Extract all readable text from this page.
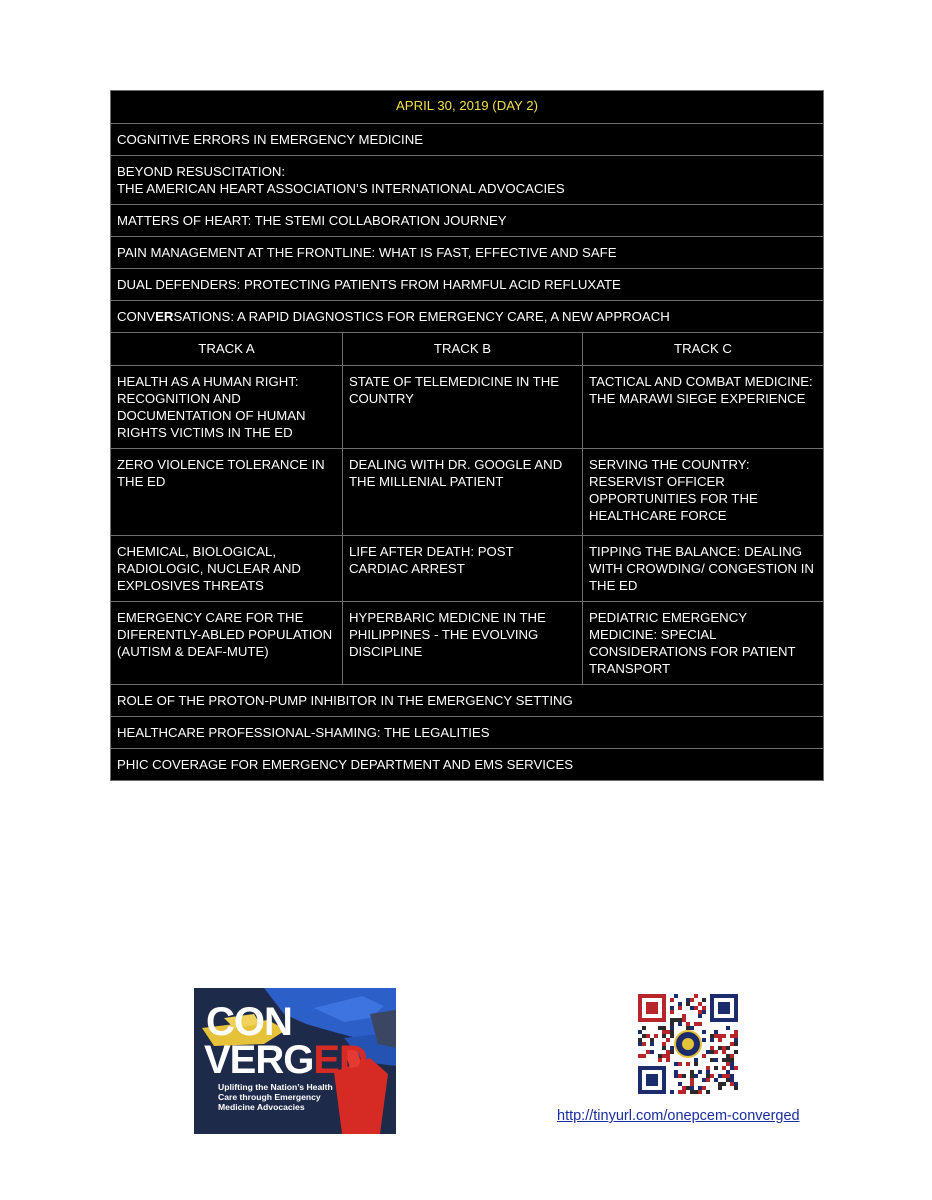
APRIL 30, 2019 (DAY 2)		
COGNITIVE ERRORS IN EMERGENCY MEDICINE		
BEYOND RESUSCITATION:
THE AMERICAN HEART ASSOCIATION’S INTERNATIONAL ADVOCACIES		
MATTERS OF HEART: THE STEMI COLLABORATION JOURNEY		
PAIN MANAGEMENT AT THE FRONTLINE: WHAT IS FAST, EFFECTIVE AND SAFE		
DUAL DEFENDERS: PROTECTING PATIENTS FROM HARMFUL ACID REFLUXATE		
CONVERSATIONS: A RAPID DIAGNOSTICS FOR EMERGENCY CARE, A NEW APPROACH		
TRACK A	TRACK B	TRACK C
HEALTH AS A HUMAN RIGHT: RECOGNITION AND DOCUMENTATION OF HUMAN RIGHTS VICTIMS IN THE ED	STATE OF TELEMEDICINE IN THE COUNTRY	TACTICAL AND COMBAT MEDICINE: THE MARAWI SIEGE EXPERIENCE
ZERO VIOLENCE TOLERANCE IN THE ED	DEALING WITH DR. GOOGLE AND THE MILLENIAL PATIENT	SERVING THE COUNTRY: RESERVIST OFFICER OPPORTUNITIES FOR THE HEALTHCARE FORCE
CHEMICAL, BIOLOGICAL, RADIOLOGIC, NUCLEAR AND EXPLOSIVES THREATS	LIFE AFTER DEATH: POST CARDIAC ARREST	TIPPING THE BALANCE: DEALING WITH CROWDING/ CONGESTION IN THE ED
EMERGENCY CARE FOR THE DIFERENTLY-ABLED POPULATION (AUTISM & DEAF-MUTE)	HYPERBARIC MEDICNE IN THE PHILIPPINES - THE EVOLVING DISCIPLINE	PEDIATRIC EMERGENCY MEDICINE: SPECIAL CONSIDERATIONS FOR PATIENT TRANSPORT
ROLE OF THE PROTON-PUMP INHIBITOR IN THE EMERGENCY SETTING		
HEALTHCARE PROFESSIONAL-SHAMING: THE LEGALITIES		
PHIC COVERAGE FOR EMERGENCY DEPARTMENT AND EMS SERVICES		
CON
VERGED
Uplifting the Nation’s Health Care through Emergency Medicine Advocacies
http://tinyurl.com/onepcem-converged
